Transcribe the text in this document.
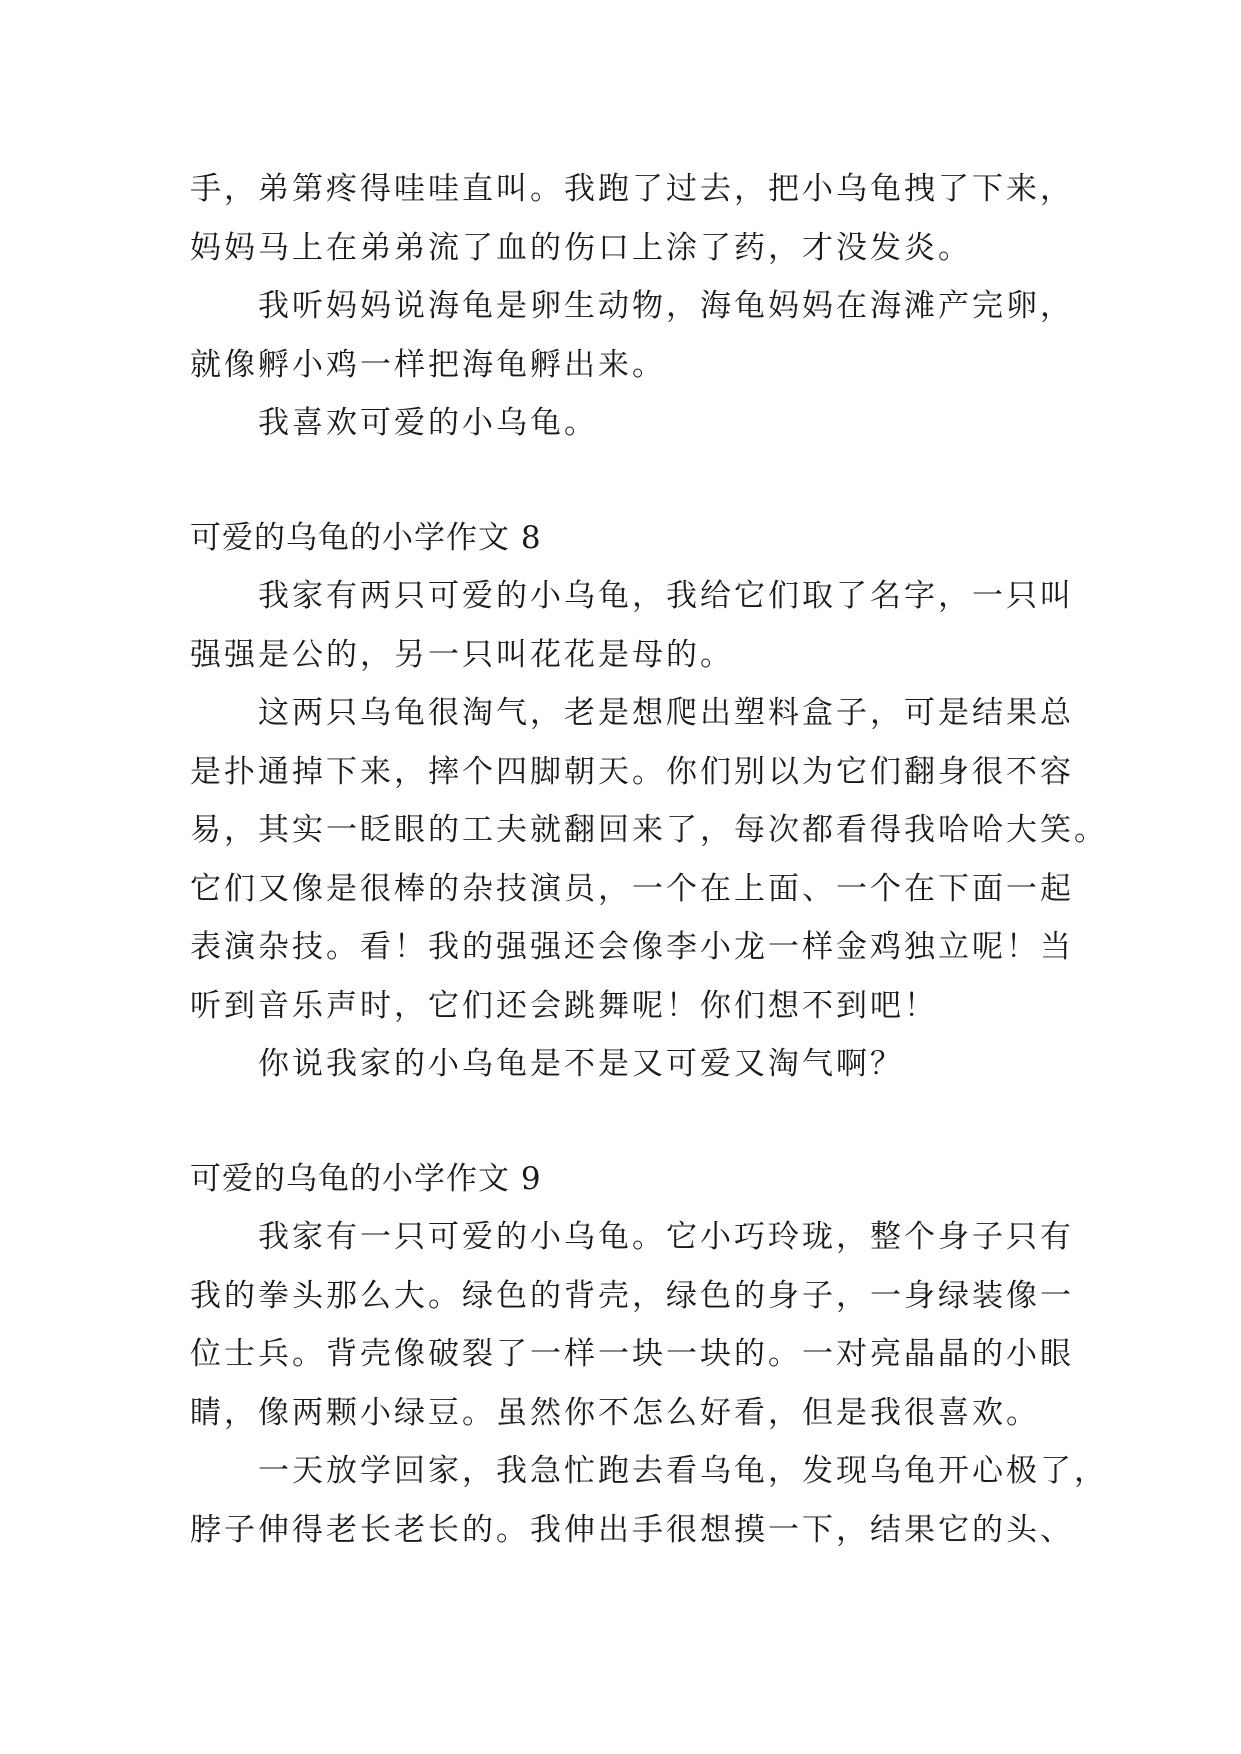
手，弟第疼得哇哇直叫。我跑了过去，把小乌龟拽了下来，
妈妈马上在弟弟流了血的伤口上涂了药，才没发炎。
我听妈妈说海龟是卵生动物，海龟妈妈在海滩产完卵，
就像孵小鸡一样把海龟孵出来。
我喜欢可爱的小乌龟。
可爱的乌龟的小学作文 8
我家有两只可爱的小乌龟，我给它们取了名字，一只叫
强强是公的，另一只叫花花是母的。
这两只乌龟很淘气，老是想爬出塑料盒子，可是结果总
是扑通掉下来，摔个四脚朝天。你们别以为它们翻身很不容
易，其实一眨眼的工夫就翻回来了，每次都看得我哈哈大笑。
它们又像是很棒的杂技演员，一个在上面、一个在下面一起
表演杂技。看！我的强强还会像李小龙一样金鸡独立呢！当
听到音乐声时，它们还会跳舞呢！你们想不到吧！
你说我家的小乌龟是不是又可爱又淘气啊？
可爱的乌龟的小学作文 9
我家有一只可爱的小乌龟。它小巧玲珑，整个身子只有
我的拳头那么大。绿色的背壳，绿色的身子，一身绿装像一
位士兵。背壳像破裂了一样一块一块的。一对亮晶晶的小眼
睛，像两颗小绿豆。虽然你不怎么好看，但是我很喜欢。
一天放学回家，我急忙跑去看乌龟，发现乌龟开心极了，
脖子伸得老长老长的。我伸出手很想摸一下，结果它的头、
